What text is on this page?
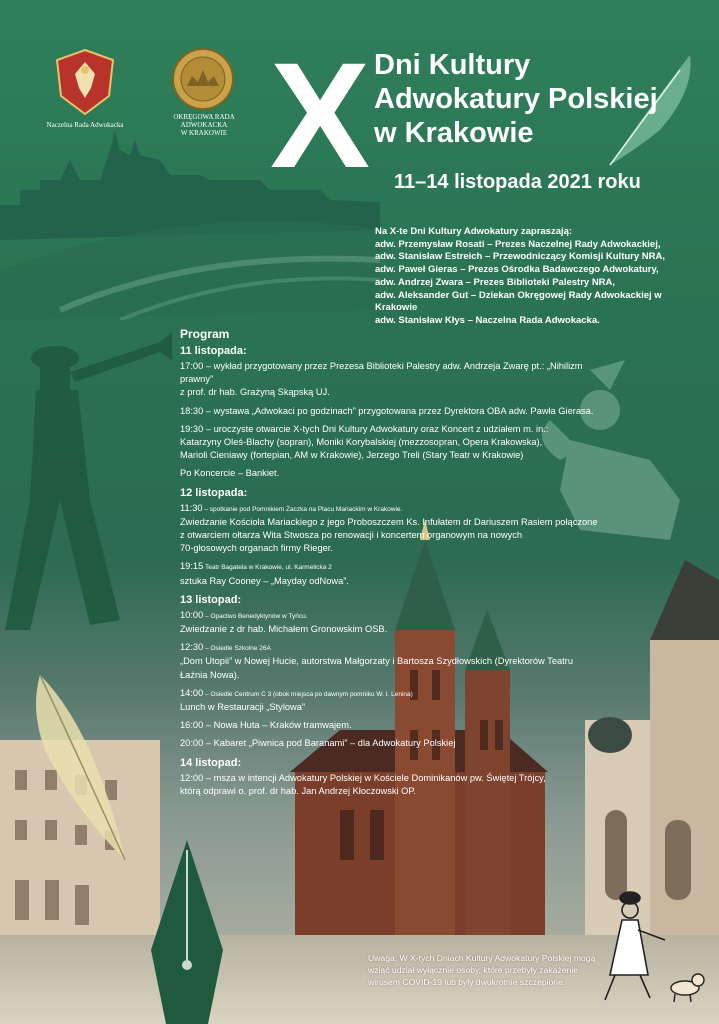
Naczelna Rada Adwokacka
OKRĘGOWA RADA ADWOKACKA
W KRAKOWIE X Dni Kultury
Adwokatury Polskiej
w Krakowie
11–14 listopada 2021 roku
Na X-te Dni Kultury Adwokatury zapraszają:
adw. Przemysław Rosati – Prezes Naczelnej Rady Adwokackiej,
adw. Stanisław Estreich – Przewodniczący Komisji Kultury NRA,
adw. Paweł Gieras – Prezes Ośrodka Badawczego Adwokatury,
adw. Andrzej Zwara – Prezes Biblioteki Palestry NRA,
adw. Aleksander Gut – Dziekan Okręgowej Rady Adwokackiej w Krakowie
adw. Stanisław Kłys – Naczelna Rada Adwokacka.
Program
11 listopada:
17:00 – wykład przygotowany przez Prezesa Biblioteki Palestry adw. Andrzeja Zwarę pt.: „Nihilizm prawny”
z prof. dr hab. Grażyną Skąpską UJ.
18:30 – wystawa „Adwokaci po godzinach” przygotowana przez Dyrektora OBA adw. Pawła Gierasa.
19:30 – uroczyste otwarcie X-tych Dni Kultury Adwokatury oraz Koncert z udziałem m. in.:
Katarzyny Oleś-Blachy (sopran), Moniki Korybalskiej (mezzosopran, Opera Krakowska),
Marioli Cieniawy (fortepian, AM w Krakowie), Jerzego Treli (Stary Teatr w Krakowie)
Po Koncercie – Bankiet.
12 listopada:
11:30 – spotkanie pod Pomnikiem Żaczka na Placu Mariackim w Krakowie.
Zwiedzanie Kościoła Mariackiego z jego Proboszczem Ks. Infułatem dr Dariuszem Rasiem połączone
z otwarciem ołtarza Wita Stwosza po renowacji i koncertem organowym na nowych
70-głosowych organach firmy Rieger.
19:15 Teatr Bagatela w Krakowie, ul. Karmelicka 2
sztuka Ray Cooney – „Mayday odNowa”.
13 listopad:
10:00 – Opactwo Benedyktynów w Tyńcu.
Zwiedzanie z dr hab. Michałem Gronowskim OSB.
12:30 – Osiedle Szkolne 26A
„Dom Utopii” w Nowej Hucie, autorstwa Małgorzaty i Bartosza Szydłowskich (Dyrektorów Teatru Łaźnia Nowa).
14:00 – Osiedle Centrum C 3 (obok miejsca po dawnym pomniku W. I. Lenina)
Lunch w Restauracji „Stylowa”
16:00 – Nowa Huta – Kraków tramwajem.
20:00 – Kabaret „Piwnica pod Baranami” – dla Adwokatury Polskiej
14 listopad:
12:00 – msza w intencji Adwokatury Polskiej w Kościele Dominikanów pw. Świętej Trójcy,
którą odprawi o. prof. dr hab. Jan Andrzej Kłoczowski OP.
Uwaga: W X-tych Dniach Kultury Adwokatury Polskiej mogą
wziąć udział wyłącznie osoby, które przebyły zakażenie
wirusem COVID-19 lub były dwukrotnie szczepione.
